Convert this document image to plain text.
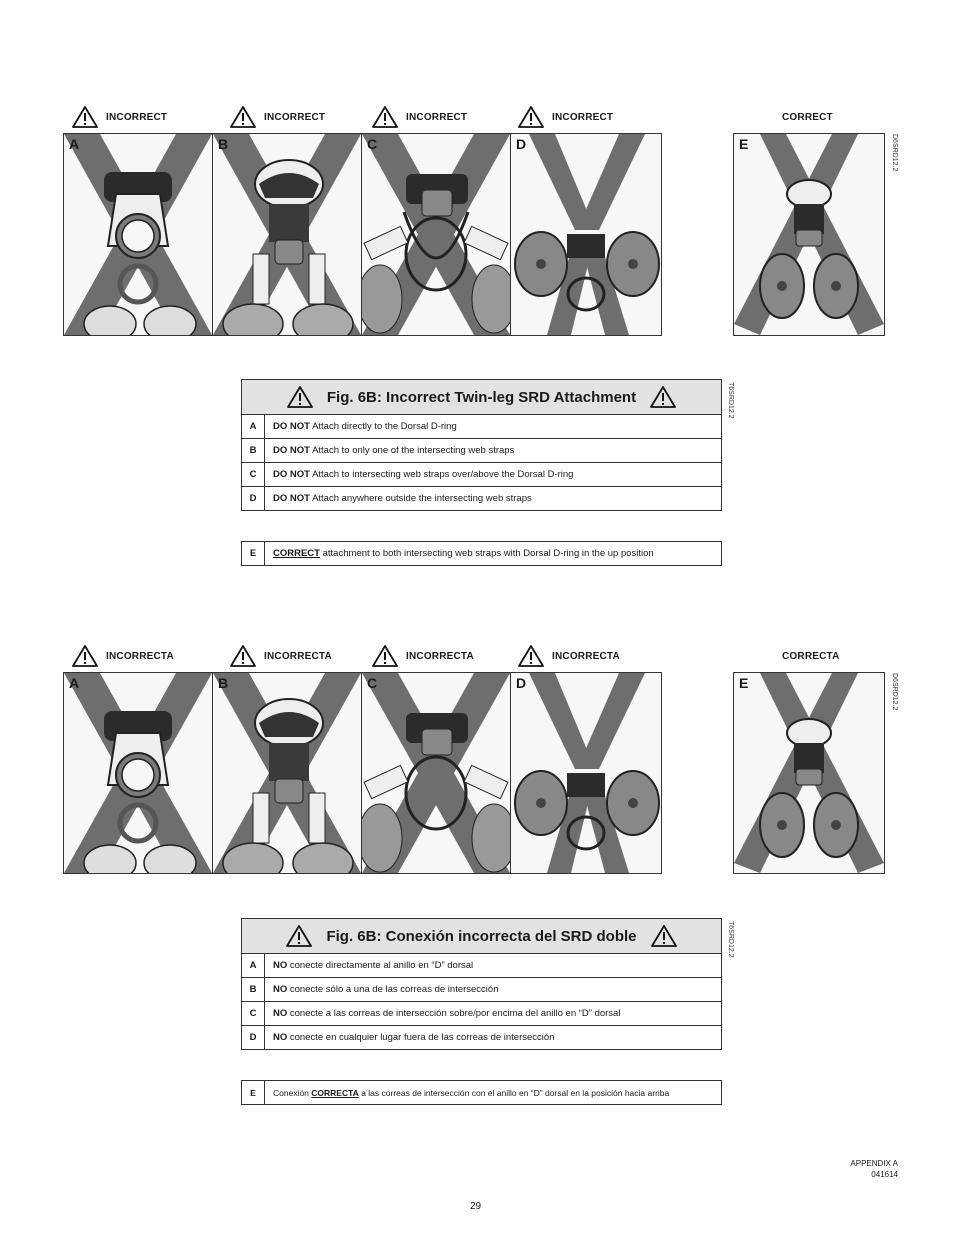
INCORRECT	INCORRECT	INCORRECT	INCORRECT	CORRECT
A	B	C	D	E	D6SRD12.2
Fig. 6B: Incorrect Twin-leg SRD Attachment	T6SRD12.2
A	DO NOT Attach directly to the Dorsal D-ring
B	DO NOT Attach to only one of the intersecting web straps
C	DO NOT Attach to intersecting web straps over/above the Dorsal D-ring
D	DO NOT Attach anywhere outside the intersecting web straps
E	CORRECT attachment to both intersecting web straps with Dorsal D-ring in the up position
INCORRECTA	INCORRECTA	INCORRECTA	INCORRECTA	CORRECTA
A	B	C	D	E	D6SRD12.2
Fig. 6B: Conexión incorrecta del SRD doble	T6SRD12.2
A	NO conecte directamente al anillo en “D” dorsal
B	NO conecte sólo a una de las correas de intersección
C	NO conecte a las correas de intersección sobre/por encima del anillo en “D” dorsal
D	NO conecte en cualquier lugar fuera de las correas de intersección
E	Conexión CORRECTA a las correas de intersección con el anillo en “D” dorsal en la posición hacia arriba
APPENDIX A
041614
29
